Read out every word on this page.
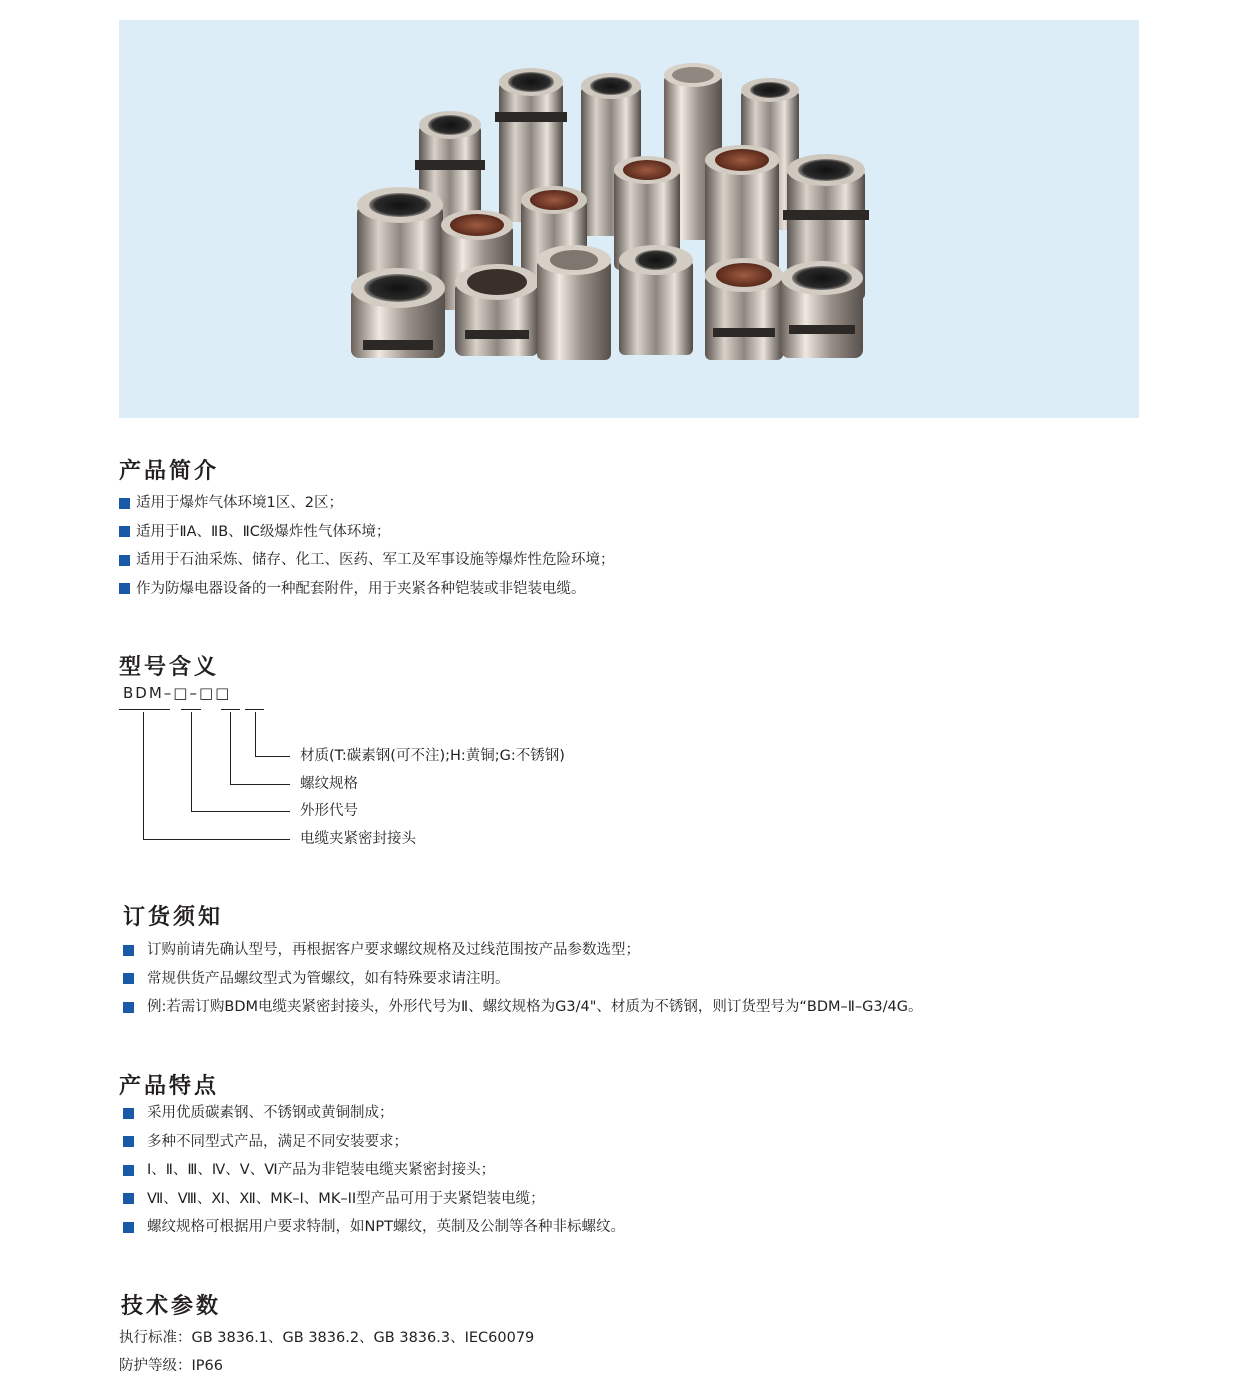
产品简介
适用于爆炸气体环境1区、2区；
适用于ⅡA、ⅡB、ⅡC级爆炸性气体环境；
适用于石油采炼、储存、化工、医药、军工及军事设施等爆炸性危险环境；
作为防爆电器设备的一种配套附件，用于夹紧各种铠装或非铠装电缆。
型号含义
BDM–□–□□
材质(T:碳素钢(可不注);H:黄铜;G:不锈钢)
螺纹规格
外形代号
电缆夹紧密封接头
订货须知
订购前请先确认型号，再根据客户要求螺纹规格及过线范围按产品参数选型；
常规供货产品螺纹型式为管螺纹，如有特殊要求请注明。
例:若需订购BDM电缆夹紧密封接头，外形代号为Ⅱ、螺纹规格为G3/4"、材质为不锈钢，则订货型号为“BDM–Ⅱ–G3/4G。
产品特点
采用优质碳素钢、不锈钢或黄铜制成；
多种不同型式产品，满足不同安装要求；
Ⅰ、Ⅱ、Ⅲ、Ⅳ、Ⅴ、Ⅵ产品为非铠装电缆夹紧密封接头；
Ⅶ、Ⅷ、Ⅺ、Ⅻ、MK–I、MK–II型产品可用于夹紧铠装电缆；
螺纹规格可根据用户要求特制，如NPT螺纹，英制及公制等各种非标螺纹。
技术参数
执行标准：GB 3836.1、GB 3836.2、GB 3836.3、IEC60079
防护等级：IP66
